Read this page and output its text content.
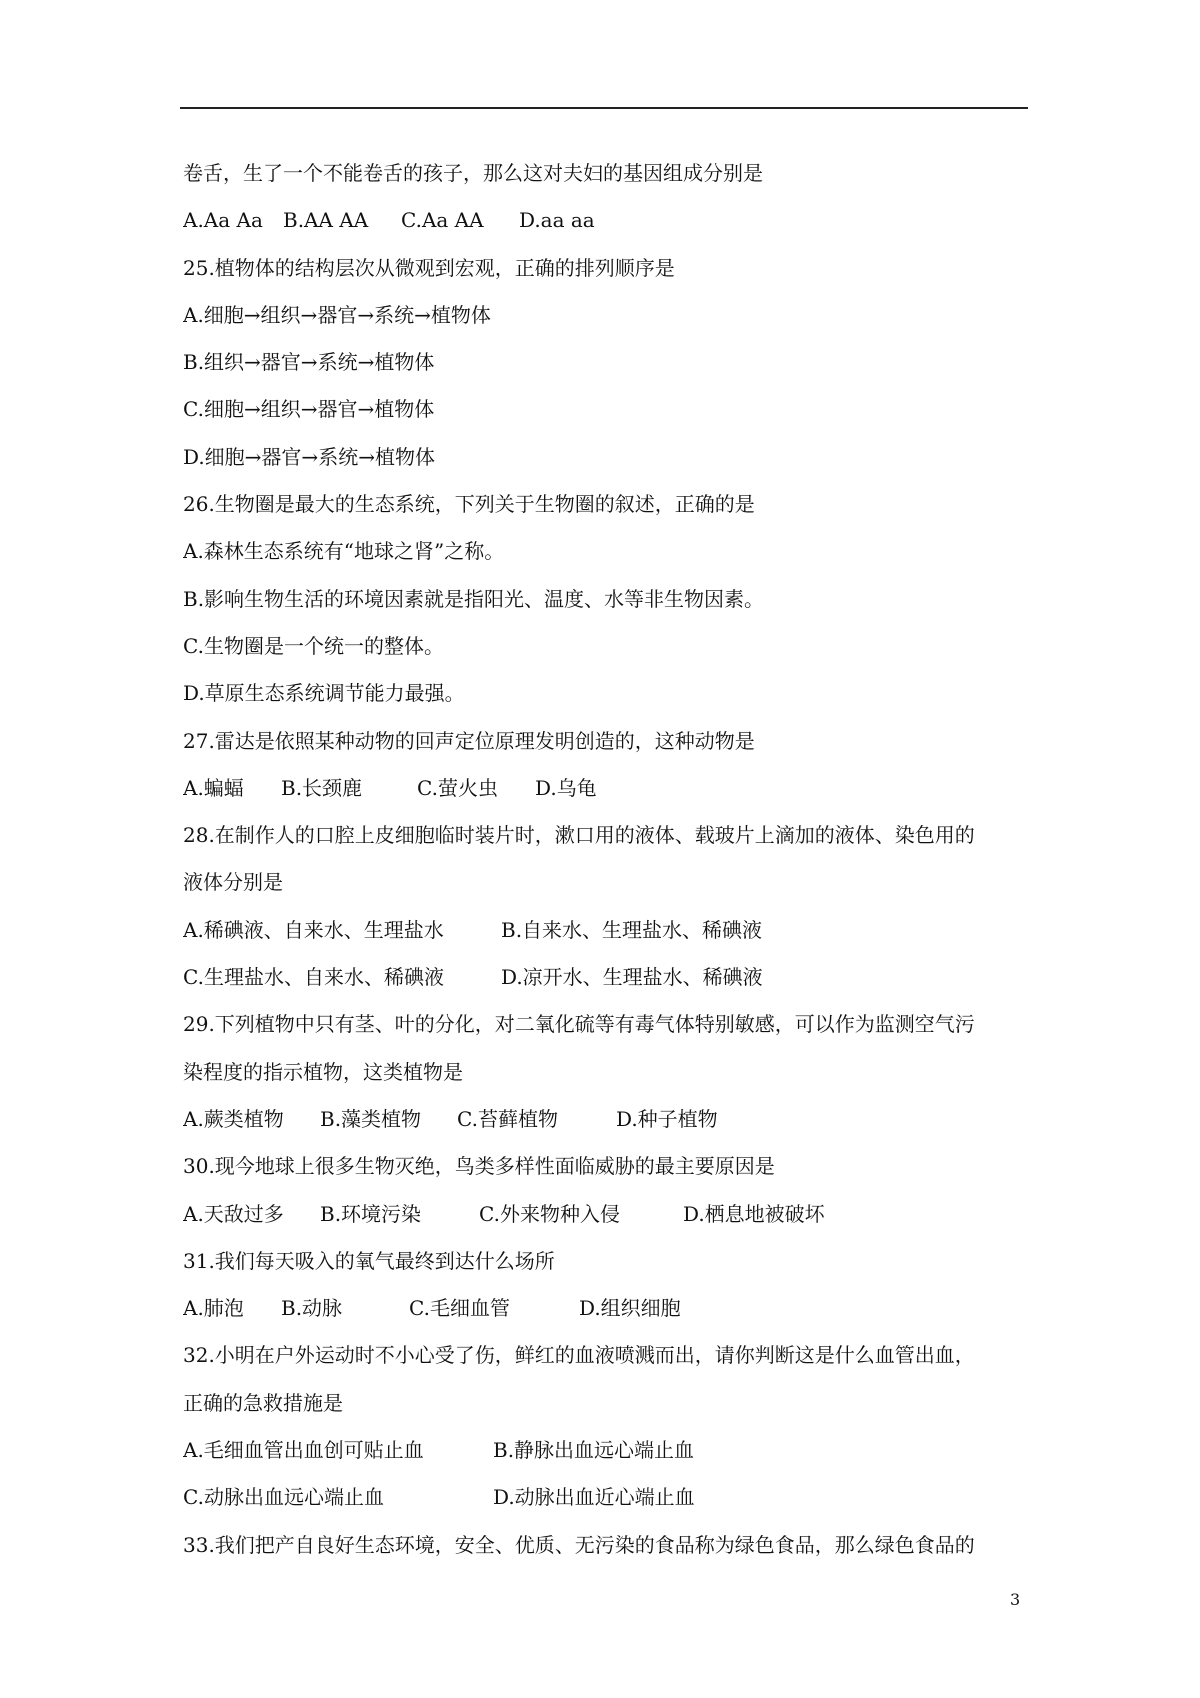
卷舌，生了一个不能卷舌的孩子，那么这对夫妇的基因组成分别是
A.Aa Aa B.AA AA C.Aa AA D.aa aa
25.植物体的结构层次从微观到宏观，正确的排列顺序是
A.细胞→组织→器官→系统→植物体
B.组织→器官→系统→植物体
C.细胞→组织→器官→植物体
D.细胞→器官→系统→植物体
26.生物圈是最大的生态系统，下列关于生物圈的叙述，正确的是
A.森林生态系统有“地球之肾”之称。
B.影响生物生活的环境因素就是指阳光、温度、水等非生物因素。
C.生物圈是一个统一的整体。
D.草原生态系统调节能力最强。
27.雷达是依照某种动物的回声定位原理发明创造的，这种动物是
A.蝙蝠 B.长颈鹿	C.萤火虫 D.乌龟
28.在制作人的口腔上皮细胞临时装片时，漱口用的液体、载玻片上滴加的液体、染色用的
液体分别是
A.稀碘液、自来水、生理盐水	B.自来水、生理盐水、稀碘液
C.生理盐水、自来水、稀碘液	D.凉开水、生理盐水、稀碘液
29.下列植物中只有茎、叶的分化，对二氧化硫等有毒气体特别敏感，可以作为监测空气污
染程度的指示植物，这类植物是
A.蕨类植物 B.藻类植物 C.苔藓植物	D.种子植物
30.现今地球上很多生物灭绝，鸟类多样性面临威胁的最主要原因是
A.天敌过多 B.环境污染	C.外来物种入侵	D.栖息地被破坏
31.我们每天吸入的氧气最终到达什么场所
A.肺泡 B.动脉	C.毛细血管	D.组织细胞
32.小明在户外运动时不小心受了伤，鲜红的血液喷溅而出，请你判断这是什么血管出血，
正确的急救措施是
A.毛细血管出血创可贴止血	B.静脉出血远心端止血
C.动脉出血远心端止血	D.动脉出血近心端止血
33.我们把产自良好生态环境，安全、优质、无污染的食品称为绿色食品，那么绿色食品的
3
